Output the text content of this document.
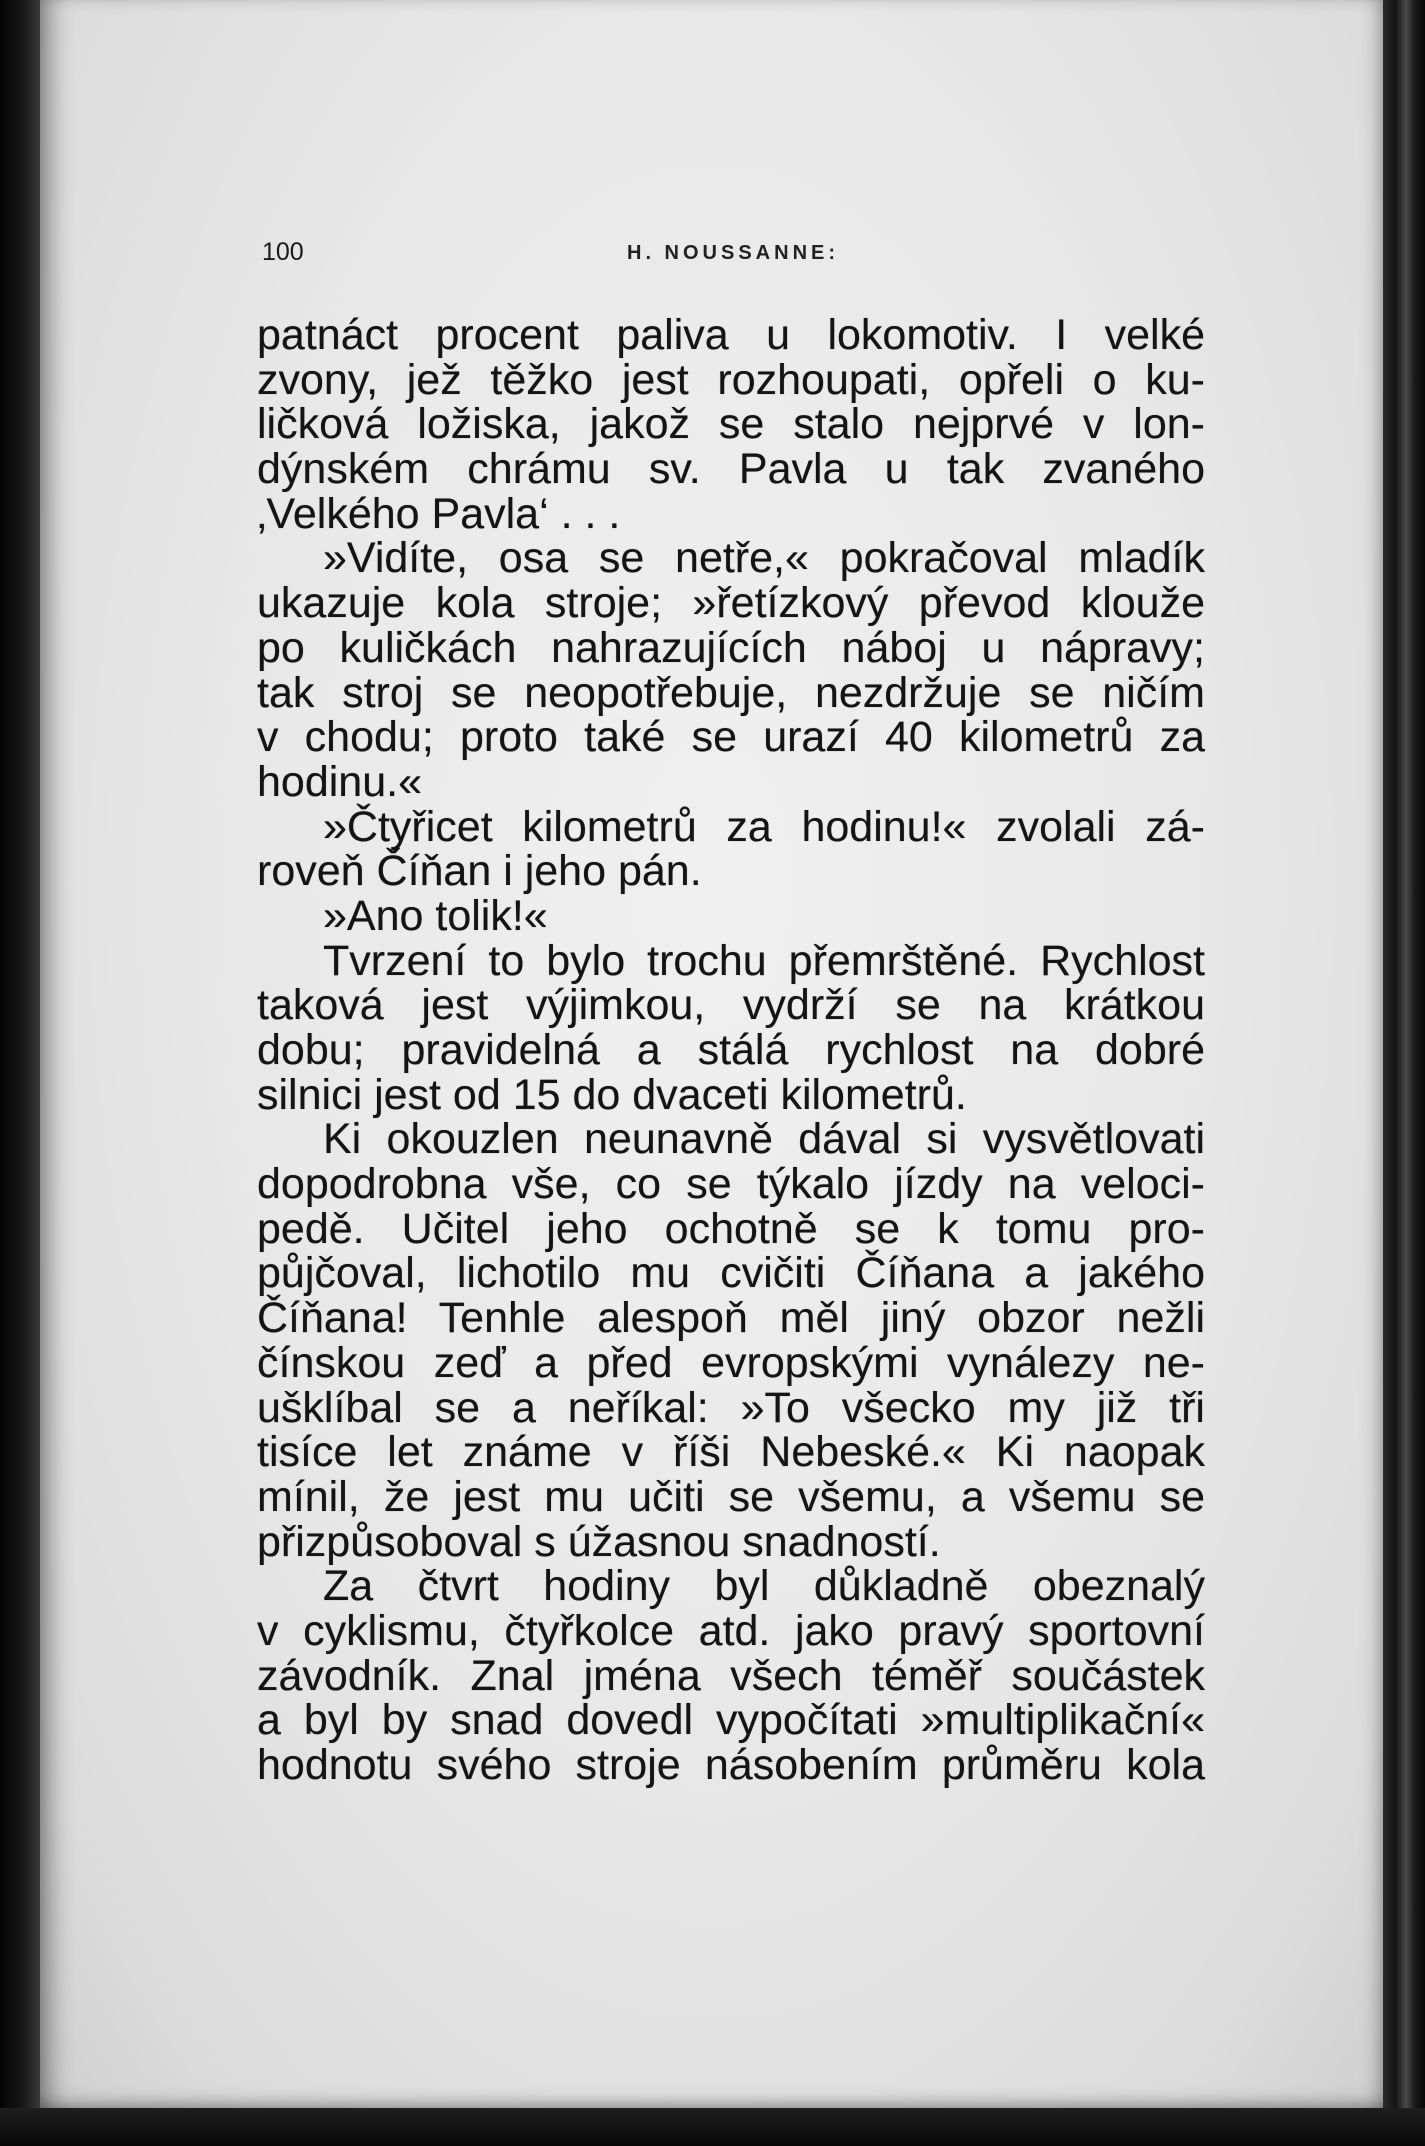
100	H. NOUSSANNE:
patnáct procent paliva u lokomotiv. I velké
zvony, jež těžko jest rozhoupati, opřeli o ku-
ličková ložiska, jakož se stalo nejprvé v lon-
dýnském chrámu sv. Pavla u tak zvaného
‚Velkého Pavla‘ . . .
»Vidíte, osa se netře,« pokračoval mladík
ukazuje kola stroje; »řetízkový převod klouže
po kuličkách nahrazujících náboj u nápravy;
tak stroj se neopotřebuje, nezdržuje se ničím
v chodu; proto také se urazí 40 kilometrů za
hodinu.«
»Čtyřicet kilometrů za hodinu!« zvolali zá-
roveň Číňan i jeho pán.
»Ano tolik!«
Tvrzení to bylo trochu přemrštěné. Rychlost
taková jest výjimkou, vydrží se na krátkou
dobu; pravidelná a stálá rychlost na dobré
silnici jest od 15 do dvaceti kilometrů.
Ki okouzlen neunavně dával si vysvětlovati
dopodrobna vše, co se týkalo jízdy na veloci-
pedě. Učitel jeho ochotně se k tomu pro-
půjčoval, lichotilo mu cvičiti Číňana a jakého
Číňana! Tenhle alespoň měl jiný obzor nežli
čínskou zeď a před evropskými vynálezy ne-
ušklíbal se a neříkal: »To všecko my již tři
tisíce let známe v říši Nebeské.« Ki naopak
mínil, že jest mu učiti se všemu, a všemu se
přizpůsoboval s úžasnou snadností.
Za čtvrt hodiny byl důkladně obeznalý
v cyklismu, čtyřkolce atd. jako pravý sportovní
závodník. Znal jména všech téměř součástek
a byl by snad dovedl vypočítati »multiplikační«
hodnotu svého stroje násobením průměru kola
